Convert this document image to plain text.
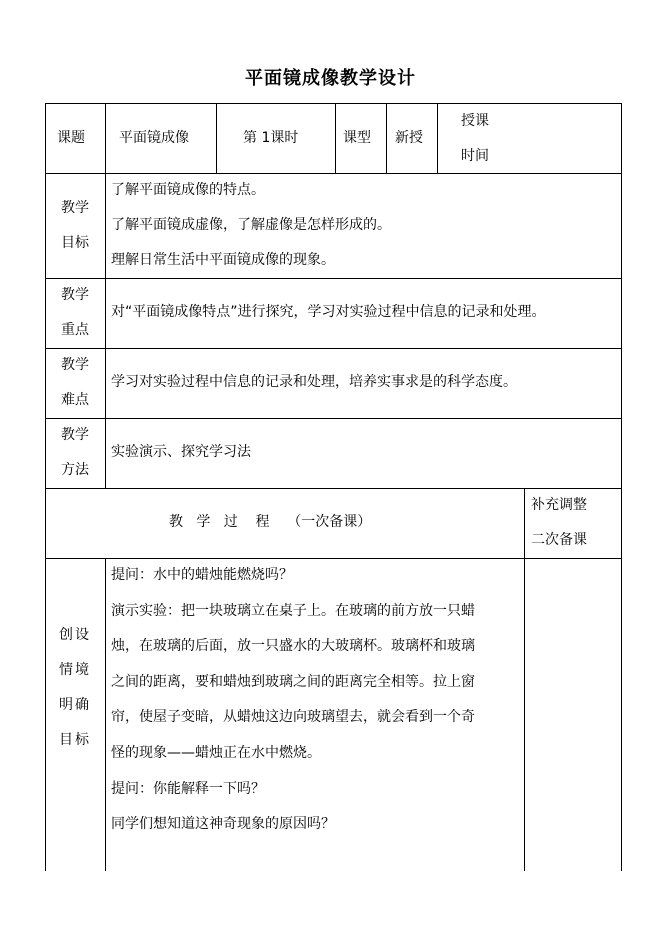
平面镜成像教学设计
课题 平面镜成像	第 1课时	课型 新授
授课
时间
教学
目标
了解平面镜成像的特点。
了解平面镜成虚像，了解虚像是怎样形成的。
理解日常生活中平面镜成像的现象。
教学
重点
对“平面镜成像特点”进行探究，学习对实验过程中信息的记录和处理。
教学
难点
学习对实验过程中信息的记录和处理，培养实事求是的科学态度。
教学
方法
实验演示、探究学习法
教   学   过    程    （一次备课）
补充调整
二次备课
创设
情境
明确
目标
提问：水中的蜡烛能燃烧吗？
演示实验：把一块玻璃立在桌子上。在玻璃的前方放一只蜡
烛，在玻璃的后面，放一只盛水的大玻璃杯。玻璃杯和玻璃
之间的距离，要和蜡烛到玻璃之间的距离完全相等。拉上窗
帘，使屋子变暗，从蜡烛这边向玻璃望去，就会看到一个奇
怪的现象——蜡烛正在水中燃烧。
提问：你能解释一下吗？
同学们想知道这神奇现象的原因吗？
